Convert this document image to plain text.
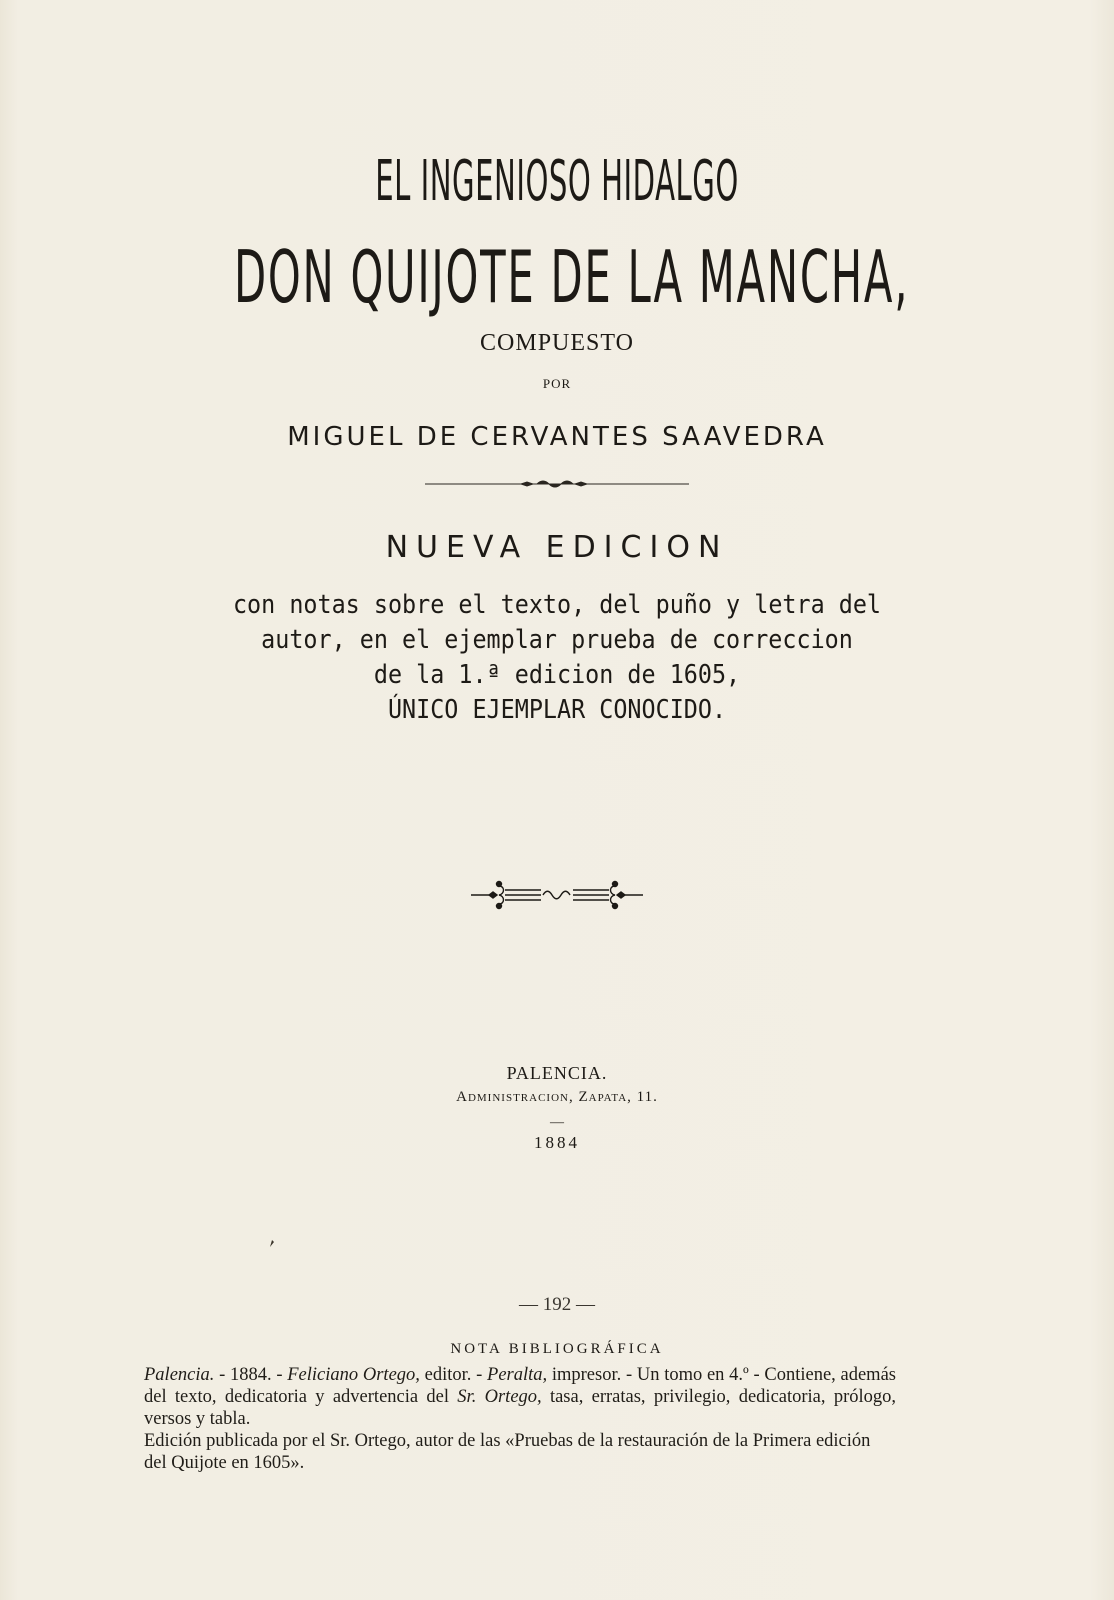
EL INGENIOSO HIDALGO
DON QUIJOTE DE LA MANCHA,
COMPUESTO
POR
MIGUEL DE CERVANTES SAAVEDRA
NUEVA EDICION
con notas sobre el texto, del puño y letra del
autor, en el ejemplar prueba de correccion
de la 1.ª edicion de 1605,
ÚNICO EJEMPLAR CONOCIDO.
PALENCIA.
Administracion, Zapata, 11.
—
1884
— 192 —
NOTA BIBLIOGRÁFICA

Palencia. - 1884. - Feliciano Ortego, editor. - Peralta, impresor. - Un tomo en 4.º - Contiene, además del texto, dedicatoria y advertencia del Sr. Ortego, tasa, erratas, privilegio, dedicatoria, prólogo, versos y tabla.

Edición publicada por el Sr. Ortego, autor de las «Pruebas de la restauración de la Primera edición del Quijote en 1605».
